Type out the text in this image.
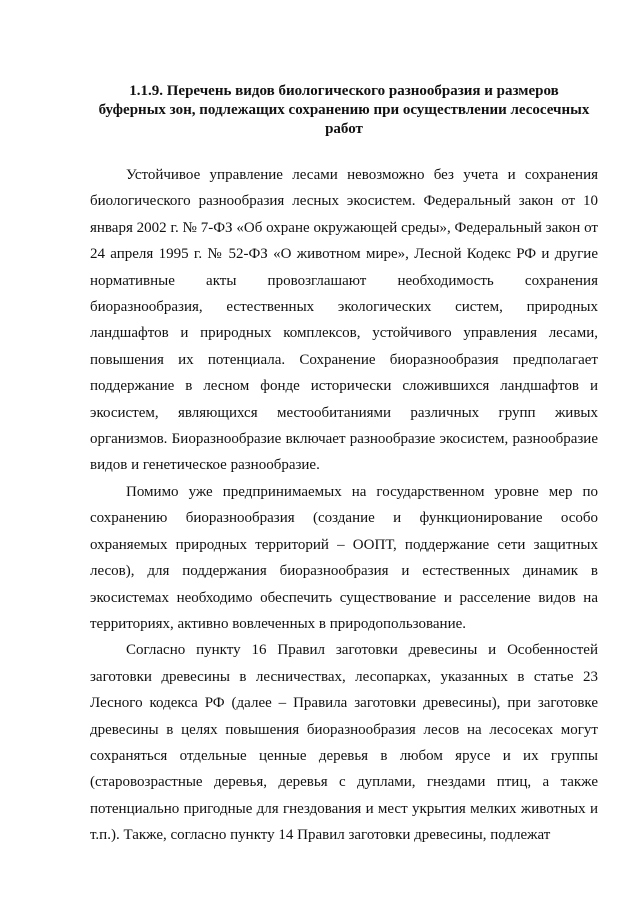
1.1.9. Перечень видов биологического разнообразия и размеров
буферных зон, подлежащих сохранению при осуществлении лесосечных
работ

Устойчивое управление лесами невозможно без учета и сохранения биологического разнообразия лесных экосистем. Федеральный закон от 10 января 2002 г. № 7-ФЗ «Об охране окружающей среды», Федеральный закон от 24 апреля 1995 г. № 52-ФЗ «О животном мире», Лесной Кодекс РФ и другие нормативные акты провозглашают необходимость сохранения биоразнообразия, естественных экологических систем, природных ландшафтов и природных комплексов, устойчивого управления лесами, повышения их потенциала. Сохранение биоразнообразия предполагает поддержание в лесном фонде исторически сложившихся ландшафтов и экосистем, являющихся местообитаниями различных групп живых организмов. Биоразнообразие включает разнообразие экосистем, разнообразие видов и генетическое разнообразие.

Помимо уже предпринимаемых на государственном уровне мер по сохранению биоразнообразия (создание и функционирование особо охраняемых природных территорий – ООПТ, поддержание сети защитных лесов), для поддержания биоразнообразия и естественных динамик в экосистемах необходимо обеспечить существование и расселение видов на территориях, активно вовлеченных в природопользование.

Согласно пункту 16 Правил заготовки древесины и Особенностей заготовки древесины в лесничествах, лесопарках, указанных в статье 23 Лесного кодекса РФ (далее – Правила заготовки древесины), при заготовке древесины в целях повышения биоразнообразия лесов на лесосеках могут сохраняться отдельные ценные деревья в любом ярусе и их группы (старовозрастные деревья, деревья с дуплами, гнездами птиц, а также потенциально пригодные для гнездования и мест укрытия мелких животных и т.п.). Также, согласно пункту 14 Правил заготовки древесины, подлежат
